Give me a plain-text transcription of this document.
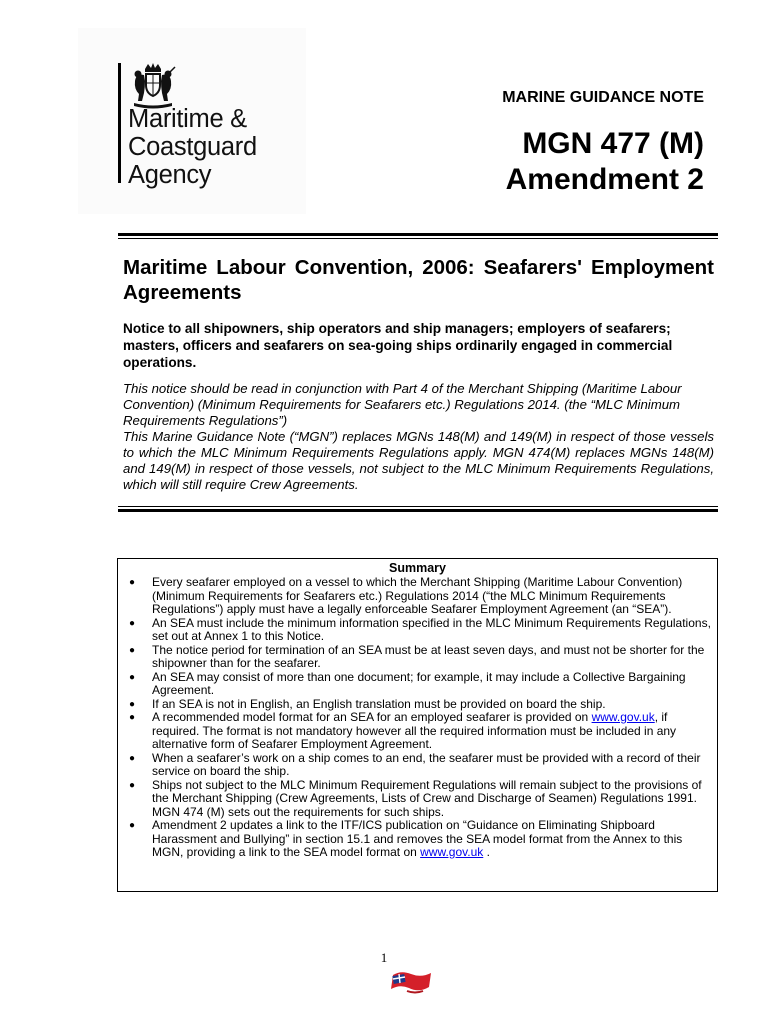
Maritime &
Coastguard
Agency
MARINE GUIDANCE NOTE
MGN 477 (M)
Amendment 2
Maritime Labour Convention, 2006: Seafarers' Employment Agreements
Notice to all shipowners, ship operators and ship managers; employers of seafarers; masters, officers and seafarers on sea-going ships ordinarily engaged in commercial operations.

This notice should be read in conjunction with Part 4 of the Merchant Shipping (Maritime Labour Convention) (Minimum Requirements for Seafarers etc.) Regulations 2014. (the “MLC Minimum Requirements Regulations”)

This Marine Guidance Note (“MGN”) replaces MGNs 148(M) and 149(M) in respect of those vessels to which the MLC Minimum Requirements Regulations apply. MGN 474(M) replaces MGNs 148(M) and 149(M) in respect of those vessels, not subject to the MLC Minimum Requirements Regulations, which will still require Crew Agreements.

Summary
● Every seafarer employed on a vessel to which the Merchant Shipping (Maritime Labour Convention) (Minimum Requirements for Seafarers etc.) Regulations 2014 (“the MLC Minimum Requirements Regulations”) apply must have a legally enforceable Seafarer Employment Agreement (an “SEA”).
● An SEA must include the minimum information specified in the MLC Minimum Requirements Regulations, set out at Annex 1 to this Notice.
● The notice period for termination of an SEA must be at least seven days, and must not be shorter for the shipowner than for the seafarer.
● An SEA may consist of more than one document; for example, it may include a Collective Bargaining Agreement.
● If an SEA is not in English, an English translation must be provided on board the ship.
● A recommended model format for an SEA for an employed seafarer is provided on www.gov.uk, if required. The format is not mandatory however all the required information must be included in any alternative form of Seafarer Employment Agreement.
● When a seafarer’s work on a ship comes to an end, the seafarer must be provided with a record of their service on board the ship.
● Ships not subject to the MLC Minimum Requirement Regulations will remain subject to the provisions of the Merchant Shipping (Crew Agreements, Lists of Crew and Discharge of Seamen) Regulations 1991. MGN 474 (M) sets out the requirements for such ships.
● Amendment 2 updates a link to the ITF/ICS publication on “Guidance on Eliminating Shipboard Harassment and Bullying” in section 15.1 and removes the SEA model format from the Annex to this MGN, providing a link to the SEA model format on www.gov.uk .
1
